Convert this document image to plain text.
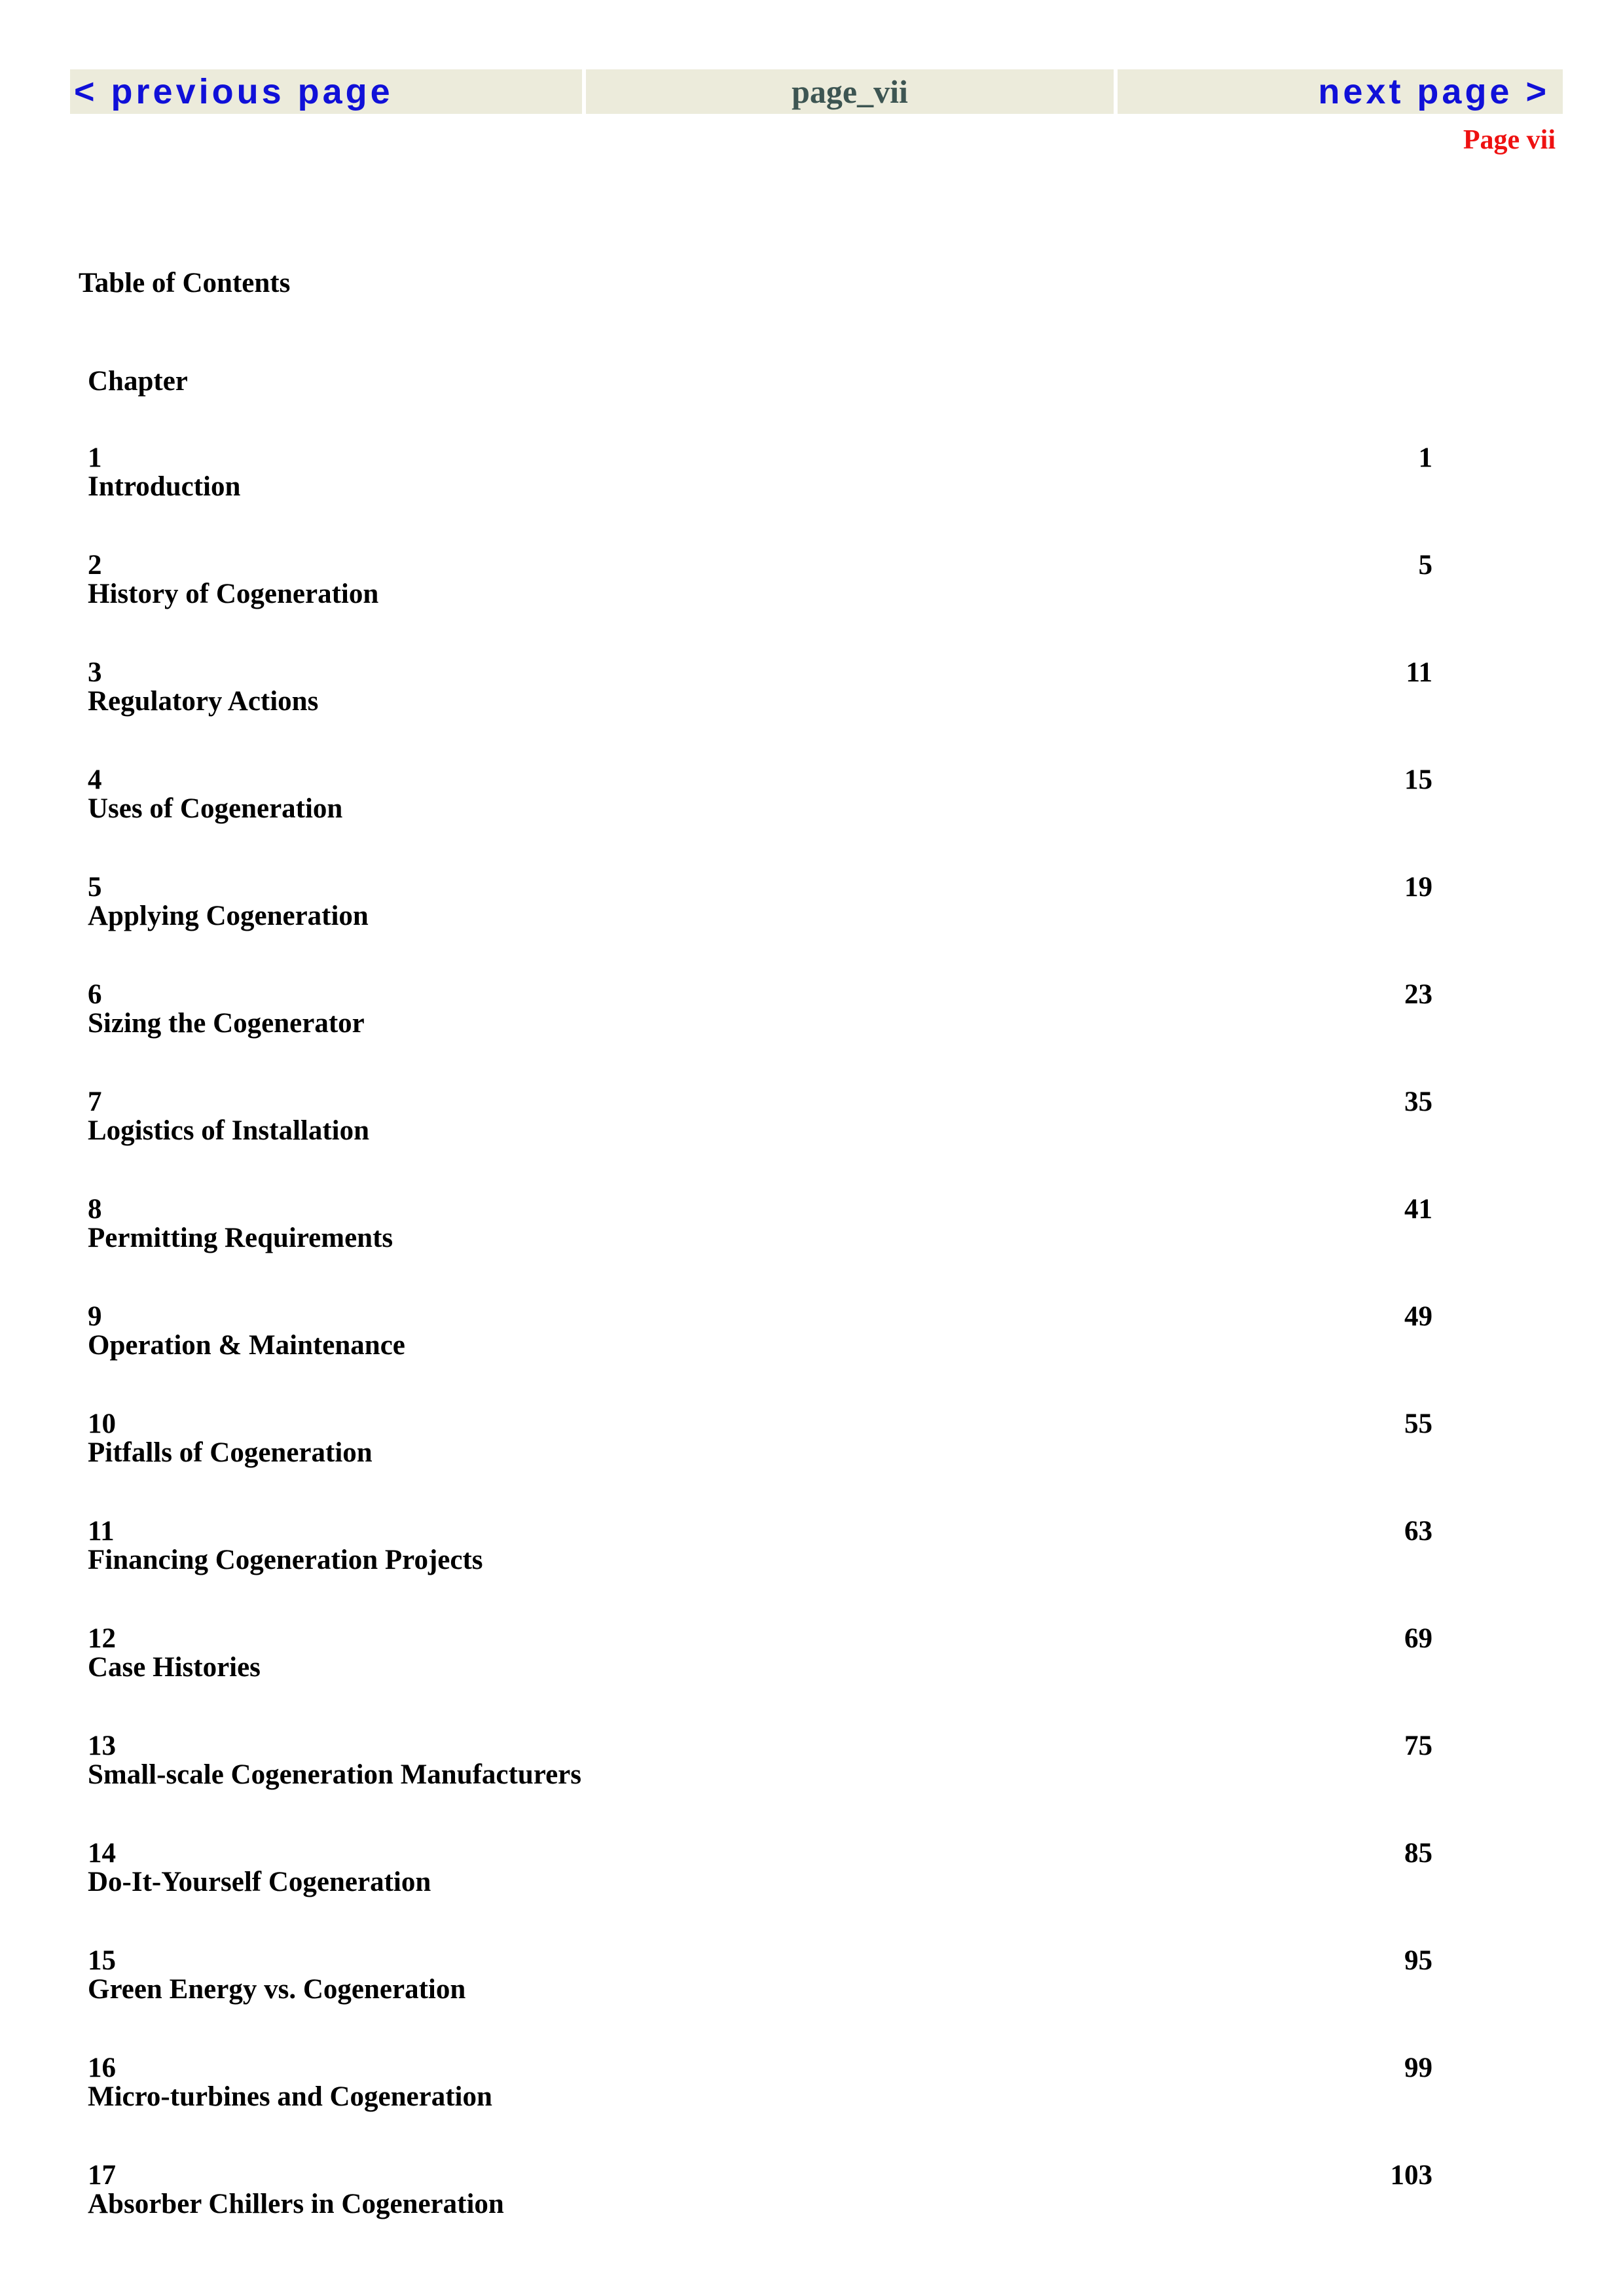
< previous page	page_vii	next page >
Page vii
Table of Contents
Chapter
1
Introduction
1
2
History of Cogeneration
5
3
Regulatory Actions
11
4
Uses of Cogeneration
15
5
Applying Cogeneration
19
6
Sizing the Cogenerator
23
7
Logistics of Installation
35
8
Permitting Requirements
41
9
Operation & Maintenance
49
10
Pitfalls of Cogeneration
55
11
Financing Cogeneration Projects
63
12
Case Histories
69
13
Small-scale Cogeneration Manufacturers
75
14
Do-It-Yourself Cogeneration
85
15
Green Energy vs. Cogeneration
95
16
Micro-turbines and Cogeneration
99
17
Absorber Chillers in Cogeneration
103
